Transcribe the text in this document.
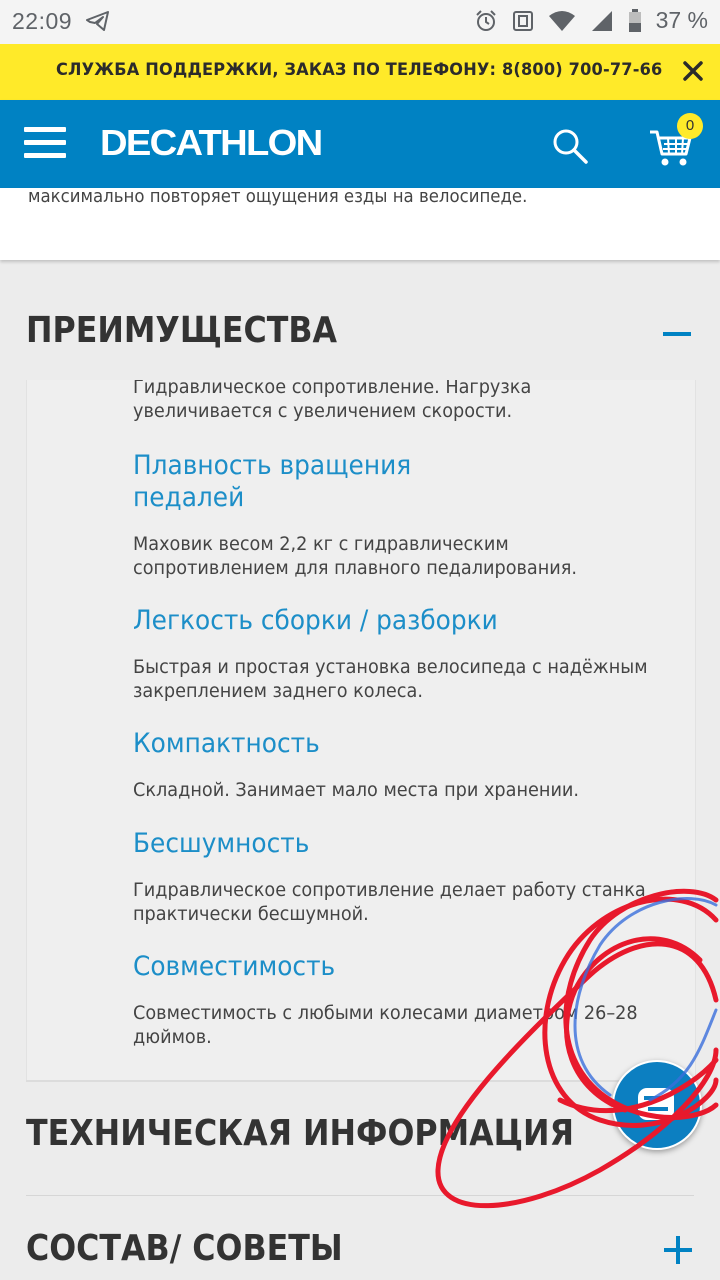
22:09	37 %
СЛУЖБА ПОДДЕРЖКИ, ЗАКАЗ ПО ТЕЛЕФОНУ: 8(800) 700-77-66
DECATHLON	0
максимально повторяет ощущения езды на велосипеде.
ПРЕИМУЩЕСТВА
Гидравлическое сопротивление. Нагрузка
увеличивается с увеличением скорости.
Плавность вращения
педалей
Маховик весом 2,2 кг с гидравлическим
сопротивлением для плавного педалирования.
Легкость сборки / разборки
Быстрая и простая установка велосипеда с надёжным
закреплением заднего колеса.
Компактность
Складной. Занимает мало места при хранении.
Бесшумность
Гидравлическое сопротивление делает работу станка
практически бесшумной.
Совместимость
Совместимость с любыми колесами диаметром 26–28
дюймов.
ТЕХНИЧЕСКАЯ ИНФОРМАЦИЯ
СОСТАВ/ СОВЕТЫ
